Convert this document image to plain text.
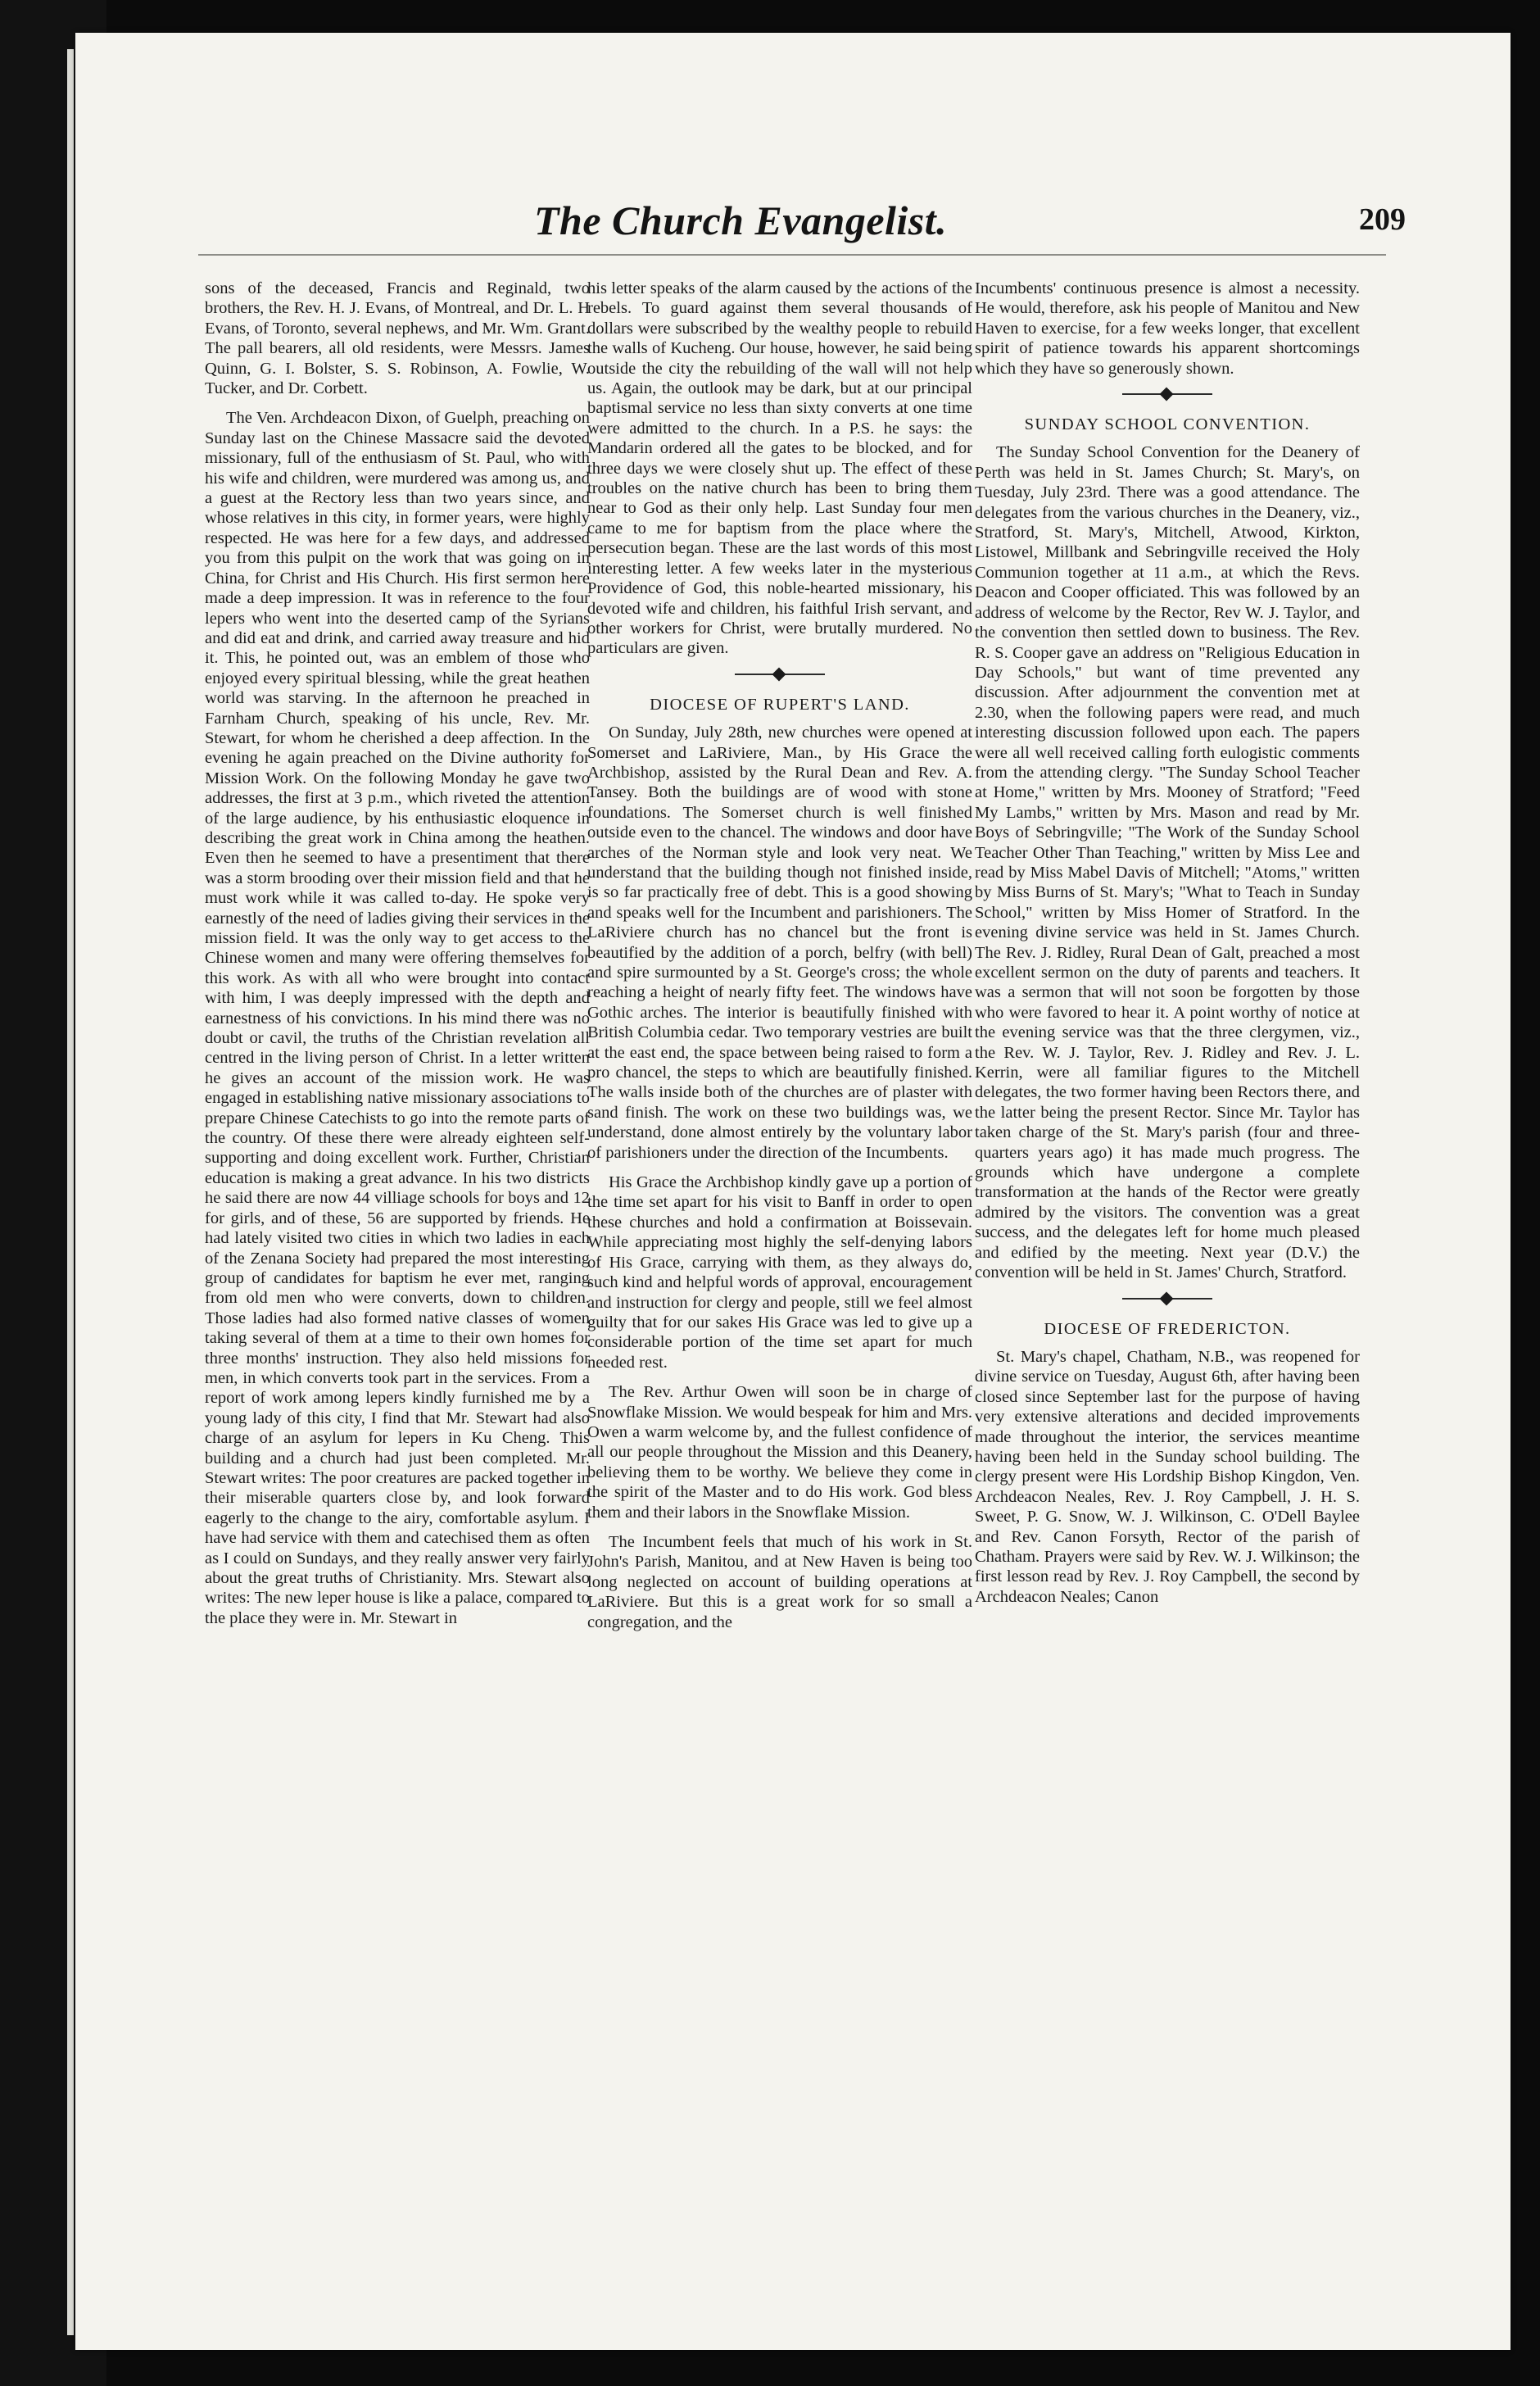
The Church Evangelist.	209

sons of the deceased, Francis and Reginald, two brothers, the Rev. H. J. Evans, of Montreal, and Dr. L. H Evans, of Toronto, several nephews, and Mr. Wm. Grant. The pall bearers, all old residents, were Messrs. James Quinn, G. I. Bolster, S. S. Robinson, A. Fowlie, W. Tucker, and Dr. Corbett.

The Ven. Archdeacon Dixon, of Guelph, preaching on Sunday last on the Chinese Massacre said the devoted missionary, full of the enthusiasm of St. Paul, who with his wife and children, were murdered was among us, and a guest at the Rectory less than two years since, and whose relatives in this city, in former years, were highly respected. He was here for a few days, and addressed you from this pulpit on the work that was going on in China, for Christ and His Church. His first sermon here made a deep impression. It was in reference to the four lepers who went into the deserted camp of the Syrians and did eat and drink, and carried away treasure and hid it. This, he pointed out, was an emblem of those who enjoyed every spiritual blessing, while the great heathen world was starving. In the afternoon he preached in Farnham Church, speaking of his uncle, Rev. Mr. Stewart, for whom he cherished a deep affection. In the evening he again preached on the Divine authority for Mission Work. On the following Monday he gave two addresses, the first at 3 p.m., which riveted the attention of the large audience, by his enthusiastic eloquence in describing the great work in China among the heathen. Even then he seemed to have a presentiment that there was a storm brooding over their mission field and that he must work while it was called to-day. He spoke very earnestly of the need of ladies giving their services in the mission field. It was the only way to get access to the Chinese women and many were offering themselves for this work. As with all who were brought into contact with him, I was deeply impressed with the depth and earnestness of his convictions. In his mind there was no doubt or cavil, the truths of the Christian revelation all centred in the living person of Christ. In a letter written he gives an account of the mission work. He was engaged in establishing native missionary associations to prepare Chinese Catechists to go into the remote parts of the country. Of these there were already eighteen self-supporting and doing excellent work. Further, Christian education is making a great advance. In his two districts he said there are now 44 villiage schools for boys and 12 for girls, and of these, 56 are supported by friends. He had lately visited two cities in which two ladies in each of the Zenana Society had prepared the most interesting group of candidates for baptism he ever met, ranging from old men who were converts, down to children. Those ladies had also formed native classes of women taking several of them at a time to their own homes for three months' instruction. They also held missions for men, in which converts took part in the services. From a report of work among lepers kindly furnished me by a young lady of this city, I find that Mr. Stewart had also charge of an asylum for lepers in Ku Cheng. This building and a church had just been completed. Mr. Stewart writes: The poor creatures are packed together in their miserable quarters close by, and look forward eagerly to the change to the airy, comfortable asylum. I have had service with them and catechised them as often as I could on Sundays, and they really answer very fairly about the great truths of Christianity. Mrs. Stewart also writes: The new leper house is like a palace, compared to the place they were in. Mr. Stewart in

his letter speaks of the alarm caused by the actions of the rebels. To guard against them several thousands of dollars were subscribed by the wealthy people to rebuild the walls of Kucheng. Our house, however, he said being outside the city the rebuilding of the wall will not help us. Again, the outlook may be dark, but at our principal baptismal service no less than sixty converts at one time were admitted to the church. In a P.S. he says: the Mandarin ordered all the gates to be blocked, and for three days we were closely shut up. The effect of these troubles on the native church has been to bring them near to God as their only help. Last Sunday four men came to me for baptism from the place where the persecution began. These are the last words of this most interesting letter. A few weeks later in the mysterious Providence of God, this noble-hearted missionary, his devoted wife and children, his faithful Irish servant, and other workers for Christ, were brutally murdered. No particulars are given.

DIOCESE OF RUPERT'S LAND.

On Sunday, July 28th, new churches were opened at Somerset and LaRiviere, Man., by His Grace the Archbishop, assisted by the Rural Dean and Rev. A. Tansey. Both the buildings are of wood with stone foundations. The Somerset church is well finished outside even to the chancel. The windows and door have arches of the Norman style and look very neat. We understand that the building though not finished inside, is so far practically free of debt. This is a good showing and speaks well for the Incumbent and parishioners. The LaRiviere church has no chancel but the front is beautified by the addition of a porch, belfry (with bell) and spire surmounted by a St. George's cross; the whole reaching a height of nearly fifty feet. The windows have Gothic arches. The interior is beautifully finished with British Columbia cedar. Two temporary vestries are built at the east end, the space between being raised to form a pro chancel, the steps to which are beautifully finished. The walls inside both of the churches are of plaster with sand finish. The work on these two buildings was, we understand, done almost entirely by the voluntary labor of parishioners under the direction of the Incumbents.

His Grace the Archbishop kindly gave up a portion of the time set apart for his visit to Banff in order to open these churches and hold a confirmation at Boissevain. While appreciating most highly the self-denying labors of His Grace, carrying with them, as they always do, such kind and helpful words of approval, encouragement and instruction for clergy and people, still we feel almost guilty that for our sakes His Grace was led to give up a considerable portion of the time set apart for much needed rest.

The Rev. Arthur Owen will soon be in charge of Snowflake Mission. We would bespeak for him and Mrs. Owen a warm welcome by, and the fullest confidence of all our people throughout the Mission and this Deanery, believing them to be worthy. We believe they come in the spirit of the Master and to do His work. God bless them and their labors in the Snowflake Mission.

The Incumbent feels that much of his work in St. John's Parish, Manitou, and at New Haven is being too long neglected on account of building operations at LaRiviere. But this is a great work for so small a congregation, and the

Incumbents' continuous presence is almost a necessity. He would, therefore, ask his people of Manitou and New Haven to exercise, for a few weeks longer, that excellent spirit of patience towards his apparent shortcomings which they have so generously shown.

SUNDAY SCHOOL CONVENTION.

The Sunday School Convention for the Deanery of Perth was held in St. James Church; St. Mary's, on Tuesday, July 23rd. There was a good attendance. The delegates from the various churches in the Deanery, viz., Stratford, St. Mary's, Mitchell, Atwood, Kirkton, Listowel, Millbank and Sebringville received the Holy Communion together at 11 a.m., at which the Revs. Deacon and Cooper officiated. This was followed by an address of welcome by the Rector, Rev W. J. Taylor, and the convention then settled down to business. The Rev. R. S. Cooper gave an address on "Religious Education in Day Schools," but want of time prevented any discussion. After adjournment the convention met at 2.30, when the following papers were read, and much interesting discussion followed upon each. The papers were all well received calling forth eulogistic comments from the attending clergy. "The Sunday School Teacher at Home," written by Mrs. Mooney of Stratford; "Feed My Lambs," written by Mrs. Mason and read by Mr. Boys of Sebringville; "The Work of the Sunday School Teacher Other Than Teaching," written by Miss Lee and read by Miss Mabel Davis of Mitchell; "Atoms," written by Miss Burns of St. Mary's; "What to Teach in Sunday School," written by Miss Homer of Stratford. In the evening divine service was held in St. James Church. The Rev. J. Ridley, Rural Dean of Galt, preached a most excellent sermon on the duty of parents and teachers. It was a sermon that will not soon be forgotten by those who were favored to hear it. A point worthy of notice at the evening service was that the three clergymen, viz., the Rev. W. J. Taylor, Rev. J. Ridley and Rev. J. L. Kerrin, were all familiar figures to the Mitchell delegates, the two former having been Rectors there, and the latter being the present Rector. Since Mr. Taylor has taken charge of the St. Mary's parish (four and three-quarters years ago) it has made much progress. The grounds which have undergone a complete transformation at the hands of the Rector were greatly admired by the visitors. The convention was a great success, and the delegates left for home much pleased and edified by the meeting. Next year (D.V.) the convention will be held in St. James' Church, Stratford.

DIOCESE OF FREDERICTON.

St. Mary's chapel, Chatham, N.B., was reopened for divine service on Tuesday, August 6th, after having been closed since September last for the purpose of having very extensive alterations and decided improvements made throughout the interior, the services meantime having been held in the Sunday school building. The clergy present were His Lordship Bishop Kingdon, Ven. Archdeacon Neales, Rev. J. Roy Campbell, J. H. S. Sweet, P. G. Snow, W. J. Wilkinson, C. O'Dell Baylee and Rev. Canon Forsyth, Rector of the parish of Chatham. Prayers were said by Rev. W. J. Wilkinson; the first lesson read by Rev. J. Roy Campbell, the second by Archdeacon Neales; Canon
